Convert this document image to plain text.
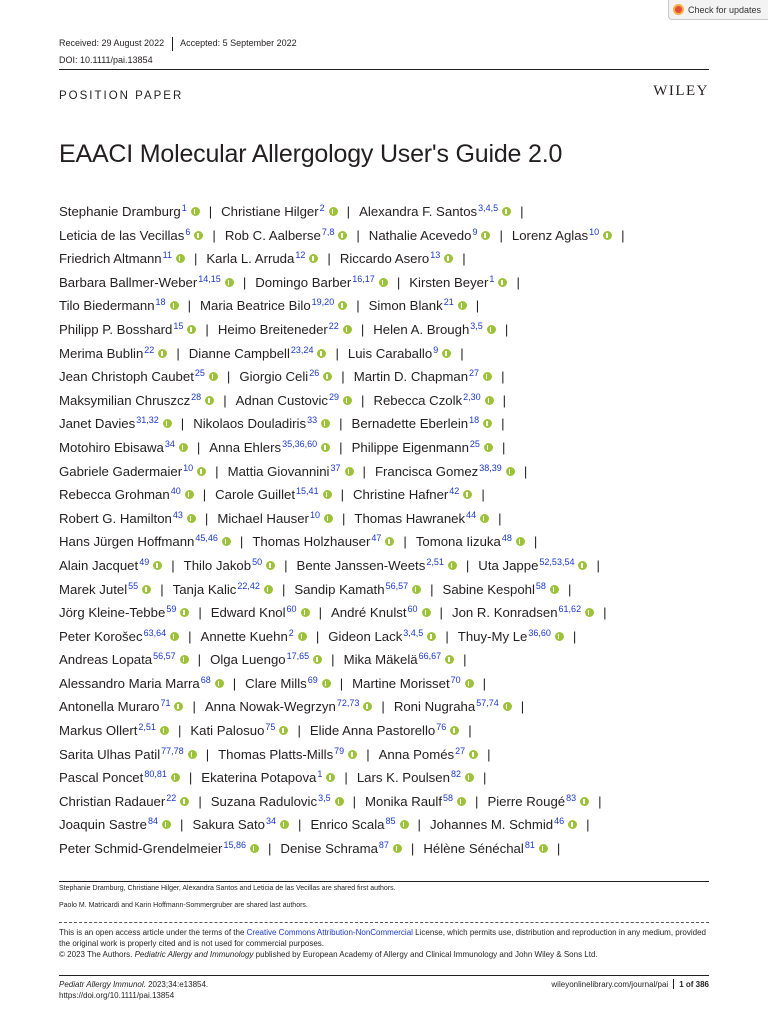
Check for updates
Received: 29 August 2022 Accepted: 5 September 2022
DOI: 10.1111/pai.13854
POSITION PAPER	WILEY
EAACI Molecular Allergology User's Guide 2.0
Stephanie Dramburg$^1$ | Christiane Hilger$^2$ | Alexandra F. Santos$^{3,4,5}$ |
Leticia de las Vecillas$^6$ | Rob C. Aalberse$^{7,8}$ | Nathalie Acevedo$^9$ | Lorenz Aglas$^{10}$ |
Friedrich Altmann$^{11}$ | Karla L. Arruda$^{12}$ | Riccardo Asero$^{13}$ |
Barbara Ballmer-Weber$^{14,15}$ | Domingo Barber$^{16,17}$ | Kirsten Beyer$^1$ |
Tilo Biedermann$^{18}$ | Maria Beatrice Bilo$^{19,20}$ | Simon Blank$^{21}$ |
Philipp P. Bosshard$^{15}$ | Heimo Breiteneder$^{22}$ | Helen A. Brough$^{3,5}$ |
Merima Bublin$^{22}$ | Dianne Campbell$^{23,24}$ | Luis Caraballo$^9$ |
Jean Christoph Caubet$^{25}$ | Giorgio Celi$^{26}$ | Martin D. Chapman$^{27}$ |
Maksymilian Chruszcz$^{28}$ | Adnan Custovic$^{29}$ | Rebecca Czolk$^{2,30}$ |
Janet Davies$^{31,32}$ | Nikolaos Douladiris$^{33}$ | Bernadette Eberlein$^{18}$ |
Motohiro Ebisawa$^{34}$ | Anna Ehlers$^{35,36,60}$ | Philippe Eigenmann$^{25}$ |
Gabriele Gadermaier$^{10}$ | Mattia Giovannini$^{37}$ | Francisca Gomez$^{38,39}$ |
Rebecca Grohman$^{40}$ | Carole Guillet$^{15,41}$ | Christine Hafner$^{42}$ |
Robert G. Hamilton$^{43}$ | Michael Hauser$^{10}$ | Thomas Hawranek$^{44}$ |
Hans Jürgen Hoffmann$^{45,46}$ | Thomas Holzhauser$^{47}$ | Tomona Iizuka$^{48}$ |
Alain Jacquet$^{49}$ | Thilo Jakob$^{50}$ | Bente Janssen-Weets$^{2,51}$ | Uta Jappe$^{52,53,54}$ |
Marek Jutel$^{55}$ | Tanja Kalic$^{22,42}$ | Sandip Kamath$^{56,57}$ | Sabine Kespohl$^{58}$ |
Jörg Kleine-Tebbe$^{59}$ | Edward Knol$^{60}$ | André Knulst$^{60}$ | Jon R. Konradsen$^{61,62}$ |
Peter Korošec$^{63,64}$ | Annette Kuehn$^2$ | Gideon Lack$^{3,4,5}$ | Thuy-My Le$^{36,60}$ |
Andreas Lopata$^{56,57}$ | Olga Luengo$^{17,65}$ | Mika Mäkelä$^{66,67}$ |
Alessandro Maria Marra$^{68}$ | Clare Mills$^{69}$ | Martine Morisset$^{70}$ |
Antonella Muraro$^{71}$ | Anna Nowak-Wegrzyn$^{72,73}$ | Roni Nugraha$^{57,74}$ |
Markus Ollert$^{2,51}$ | Kati Palosuo$^{75}$ | Elide Anna Pastorello$^{76}$ |
Sarita Ulhas Patil$^{77,78}$ | Thomas Platts-Mills$^{79}$ | Anna Pomés$^{27}$ |
Pascal Poncet$^{80,81}$ | Ekaterina Potapova$^1$ | Lars K. Poulsen$^{82}$ |
Christian Radauer$^{22}$ | Suzana Radulovic$^{3,5}$ | Monika Raulf$^{58}$ | Pierre Rougé$^{83}$ |
Joaquin Sastre$^{84}$ | Sakura Sato$^{34}$ | Enrico Scala$^{85}$ | Johannes M. Schmid$^{46}$ |
Peter Schmid-Grendelmeier$^{15,86}$ | Denise Schrama$^{87}$ | Hélène Sénéchal$^{81}$ |
Stephanie Dramburg, Christiane Hilger, Alexandra Santos and Leticia de las Vecillas are shared first authors.
Paolo M. Matricardi and Karin Hoffmann-Sommergruber are shared last authors.
This is an open access article under the terms of the Creative Commons Attribution-NonCommercial License, which permits use, distribution and reproduction in any medium, provided the original work is properly cited and is not used for commercial purposes.
© 2023 The Authors. Pediatric Allergy and Immunology published by European Academy of Allergy and Clinical Immunology and John Wiley & Sons Ltd.
Pediatr Allergy Immunol. 2023;34:e13854.
https://doi.org/10.1111/pai.13854
wileyonlinelibrary.com/journal/pai 1 of 386
